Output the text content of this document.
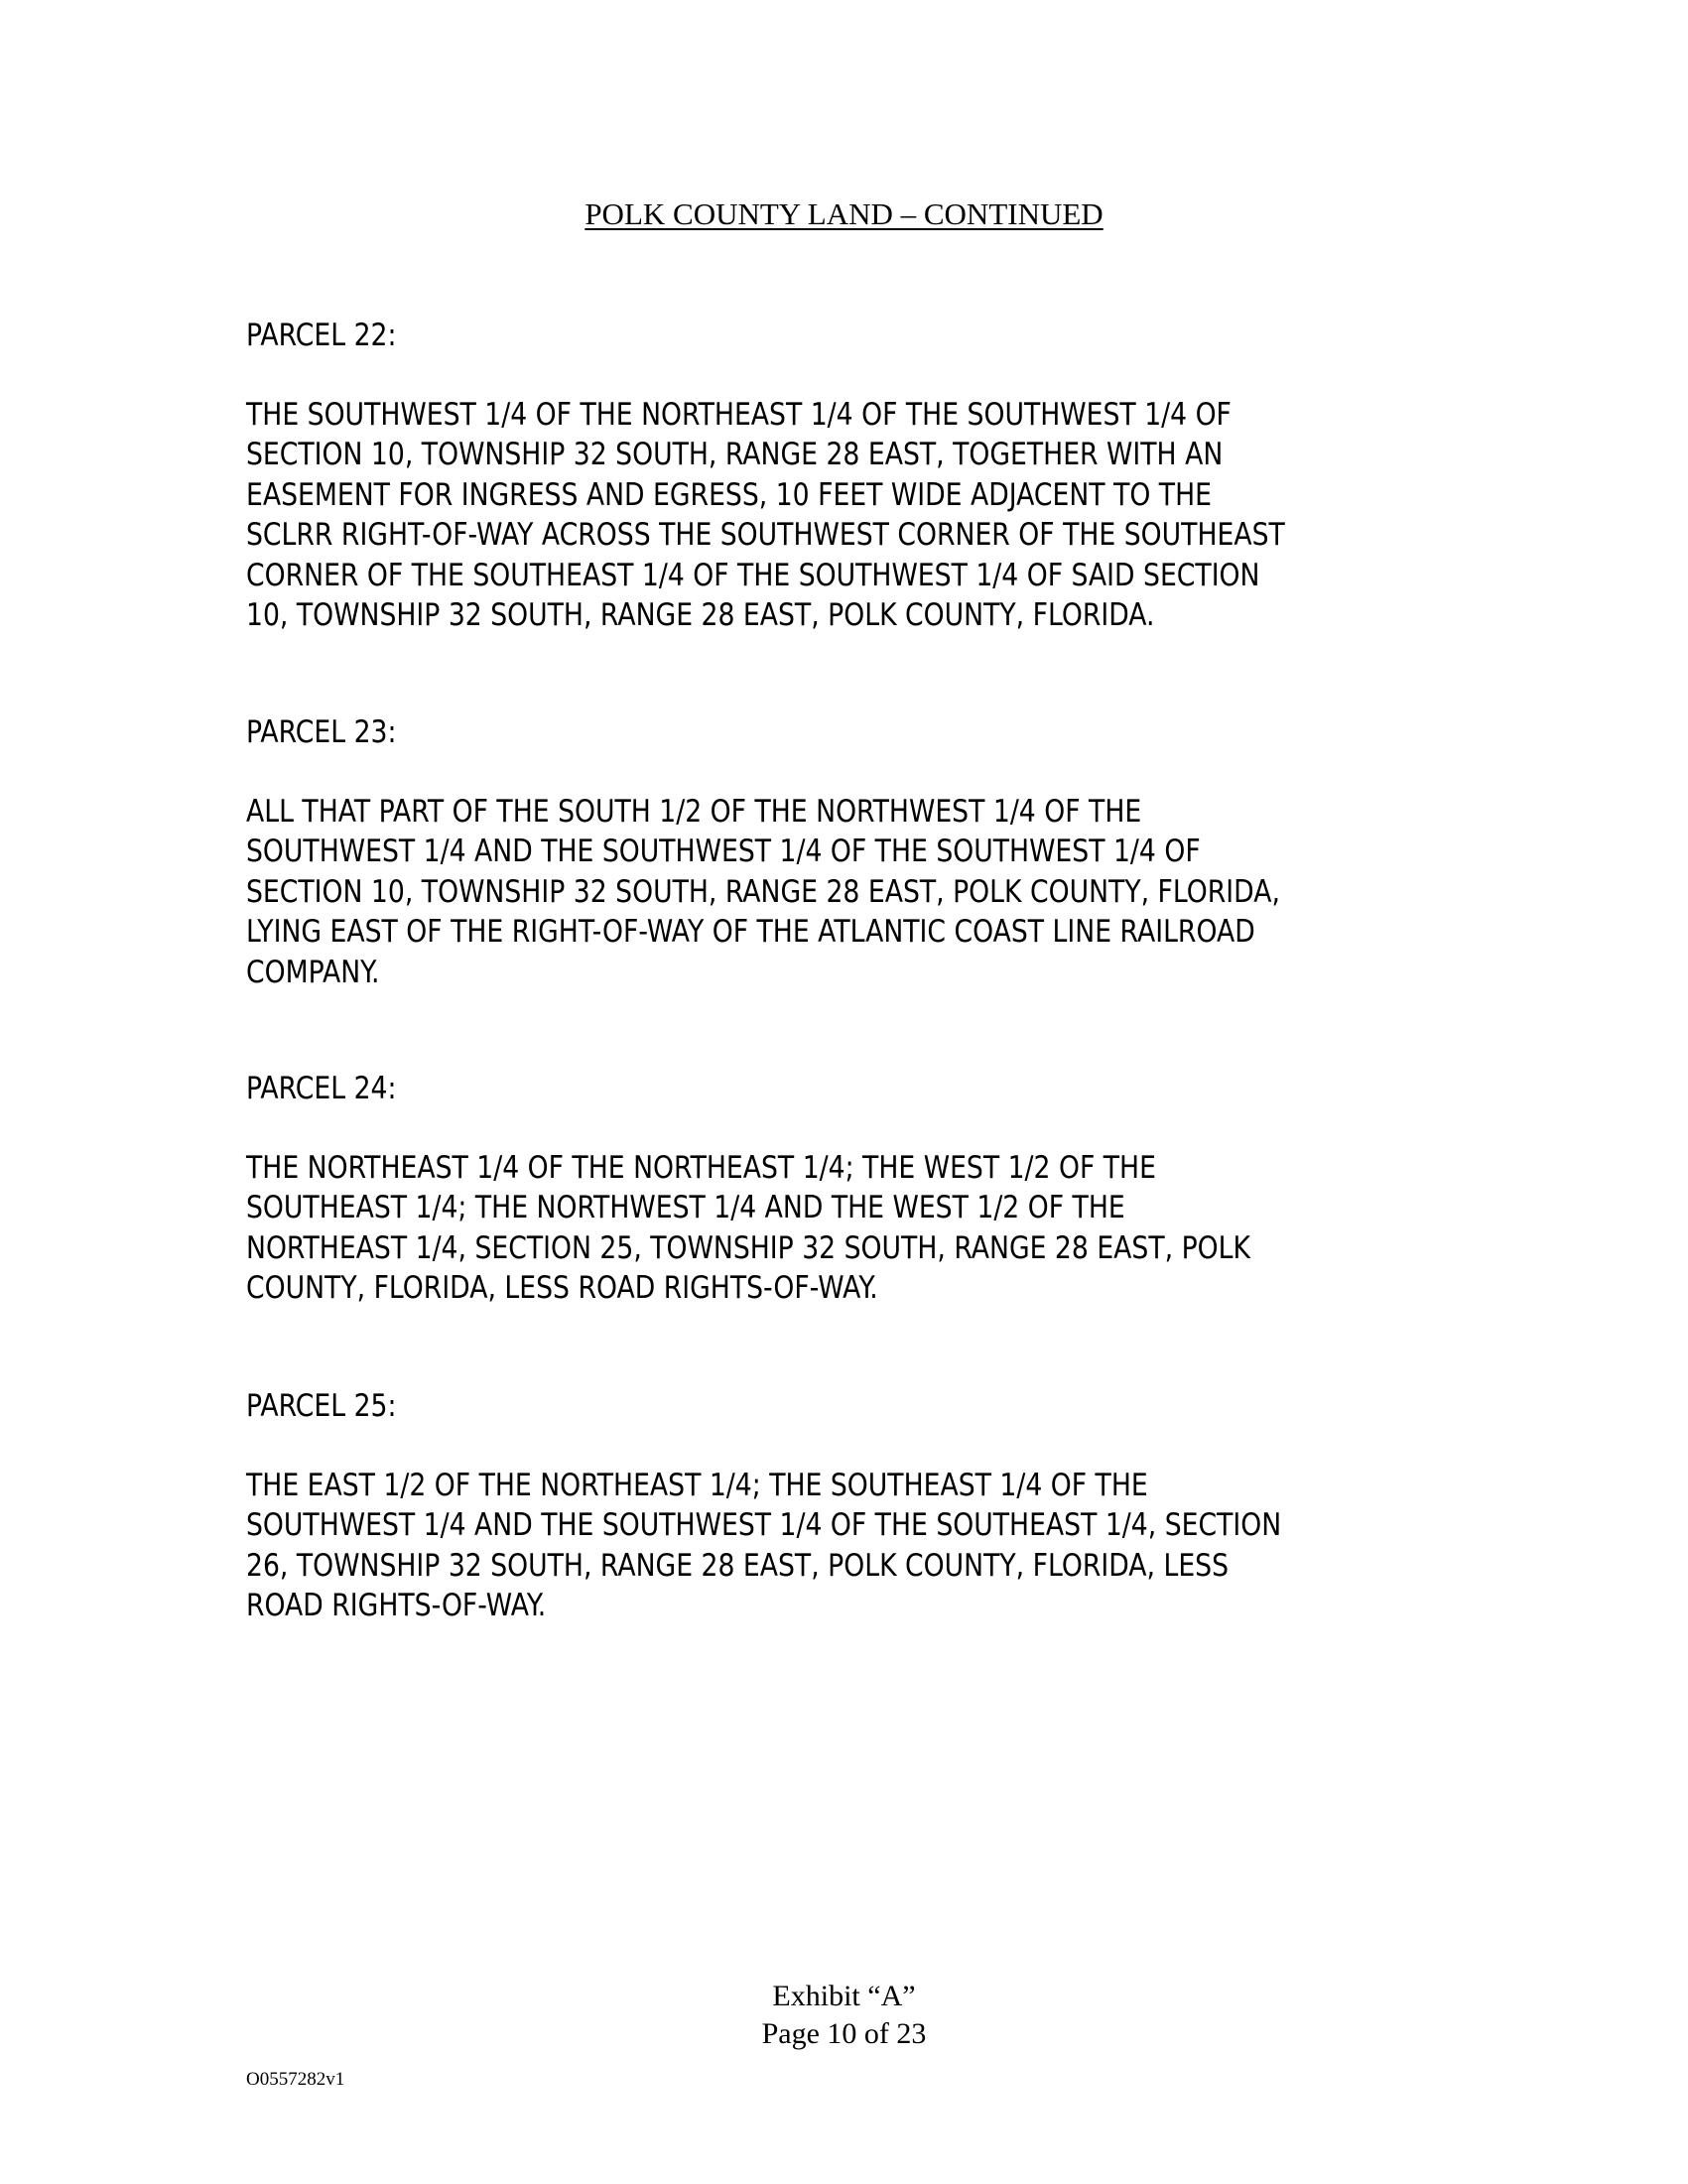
POLK COUNTY LAND – CONTINUED
PARCEL 22:
THE SOUTHWEST 1/4 OF THE NORTHEAST 1/4 OF THE SOUTHWEST 1/4 OF
SECTION 10, TOWNSHIP 32 SOUTH, RANGE 28 EAST, TOGETHER WITH AN
EASEMENT FOR INGRESS AND EGRESS, 10 FEET WIDE ADJACENT TO THE
SCLRR RIGHT-OF-WAY ACROSS THE SOUTHWEST CORNER OF THE SOUTHEAST
CORNER OF THE SOUTHEAST 1/4 OF THE SOUTHWEST 1/4 OF SAID SECTION
10, TOWNSHIP 32 SOUTH, RANGE 28 EAST, POLK COUNTY, FLORIDA.
PARCEL 23:
ALL THAT PART OF THE SOUTH 1/2 OF THE NORTHWEST 1/4 OF THE
SOUTHWEST 1/4 AND THE SOUTHWEST 1/4 OF THE SOUTHWEST 1/4 OF
SECTION 10, TOWNSHIP 32 SOUTH, RANGE 28 EAST, POLK COUNTY, FLORIDA,
LYING EAST OF THE RIGHT-OF-WAY OF THE ATLANTIC COAST LINE RAILROAD
COMPANY.
PARCEL 24:
THE NORTHEAST 1/4 OF THE NORTHEAST 1/4; THE WEST 1/2 OF THE
SOUTHEAST 1/4; THE NORTHWEST 1/4 AND THE WEST 1/2 OF THE
NORTHEAST 1/4, SECTION 25, TOWNSHIP 32 SOUTH, RANGE 28 EAST, POLK
COUNTY, FLORIDA, LESS ROAD RIGHTS-OF-WAY.
PARCEL 25:
THE EAST 1/2 OF THE NORTHEAST 1/4; THE SOUTHEAST 1/4 OF THE
SOUTHWEST 1/4 AND THE SOUTHWEST 1/4 OF THE SOUTHEAST 1/4, SECTION
26, TOWNSHIP 32 SOUTH, RANGE 28 EAST, POLK COUNTY, FLORIDA, LESS
ROAD RIGHTS-OF-WAY.
Exhibit “A”
Page 10 of 23
O0557282v1
